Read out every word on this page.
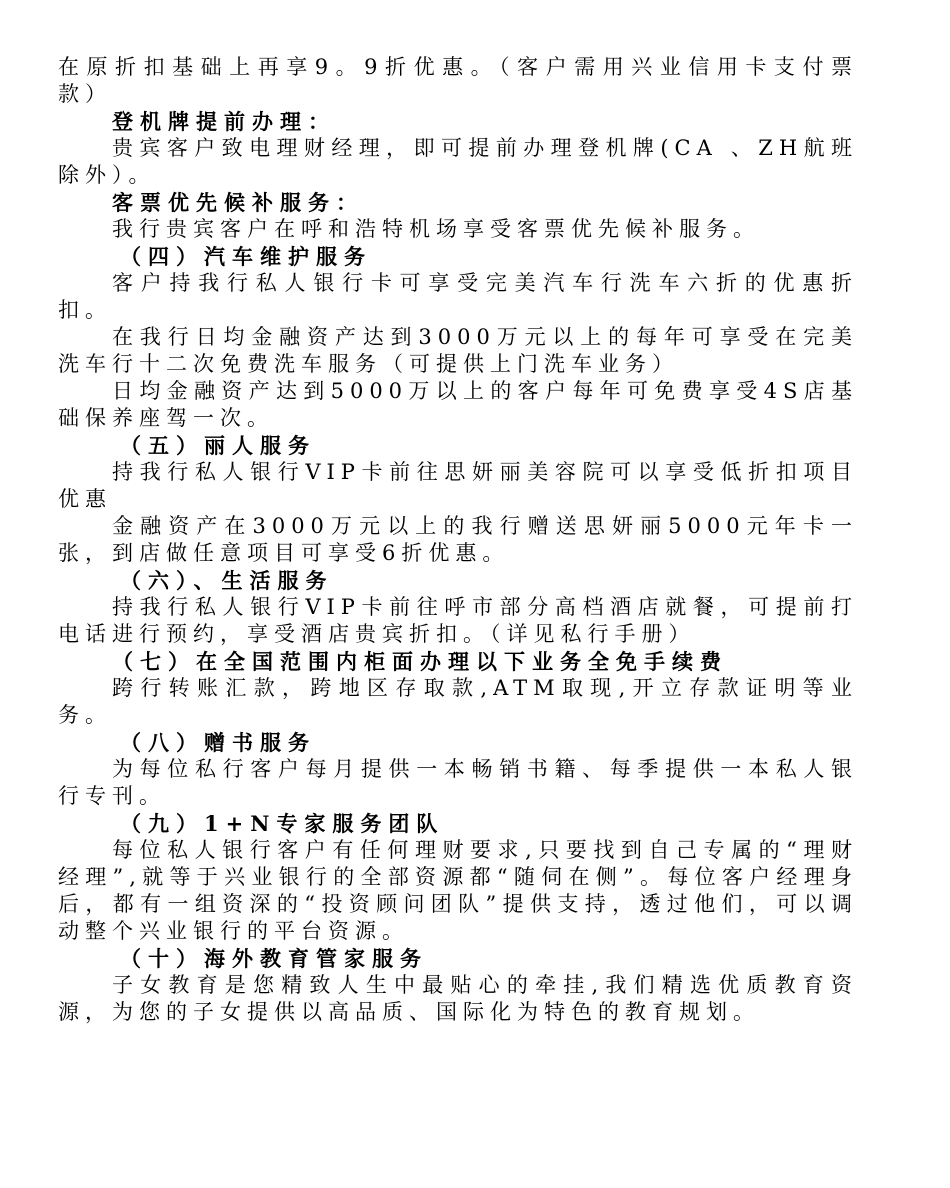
在原折扣基础上再享9。9折优惠。（客户需用兴业信用卡支付票款）

登机牌提前办理：

贵宾客户致电理财经理，即可提前办理登机牌(CA 、ZH航班除外）。

客票优先候补服务：

我行贵宾客户在呼和浩特机场享受客票优先候补服务。

（四）汽车维护服务

客户持我行私人银行卡可享受完美汽车行洗车六折的优惠折扣。

在我行日均金融资产达到3000万元以上的每年可享受在完美洗车行十二次免费洗车服务（可提供上门洗车业务）

日均金融资产达到5000万以上的客户每年可免费享受4S店基础保养座驾一次。

（五）丽人服务

持我行私人银行VIP卡前往思妍丽美容院可以享受低折扣项目优惠

金融资产在3000万元以上的我行赠送思妍丽5000元年卡一张，到店做任意项目可享受6折优惠。

（六）、生活服务

持我行私人银行VIP卡前往呼市部分高档酒店就餐，可提前打电话进行预约，享受酒店贵宾折扣。（详见私行手册）

（七）在全国范围内柜面办理以下业务全免手续费

跨行转账汇款，跨地区存取款,ATM取现,开立存款证明等业务。

（八）赠书服务

为每位私行客户每月提供一本畅销书籍、每季提供一本私人银行专刊。

（九）1+N专家服务团队

每位私人银行客户有任何理财要求,只要找到自己专属的“理财经理”,就等于兴业银行的全部资源都“随伺在侧”。每位客户经理身后，都有一组资深的“投资顾问团队”提供支持，透过他们，可以调动整个兴业银行的平台资源。

（十）海外教育管家服务

子女教育是您精致人生中最贴心的牵挂,我们精选优质教育资源，为您的子女提供以高品质、国际化为特色的教育规划。
